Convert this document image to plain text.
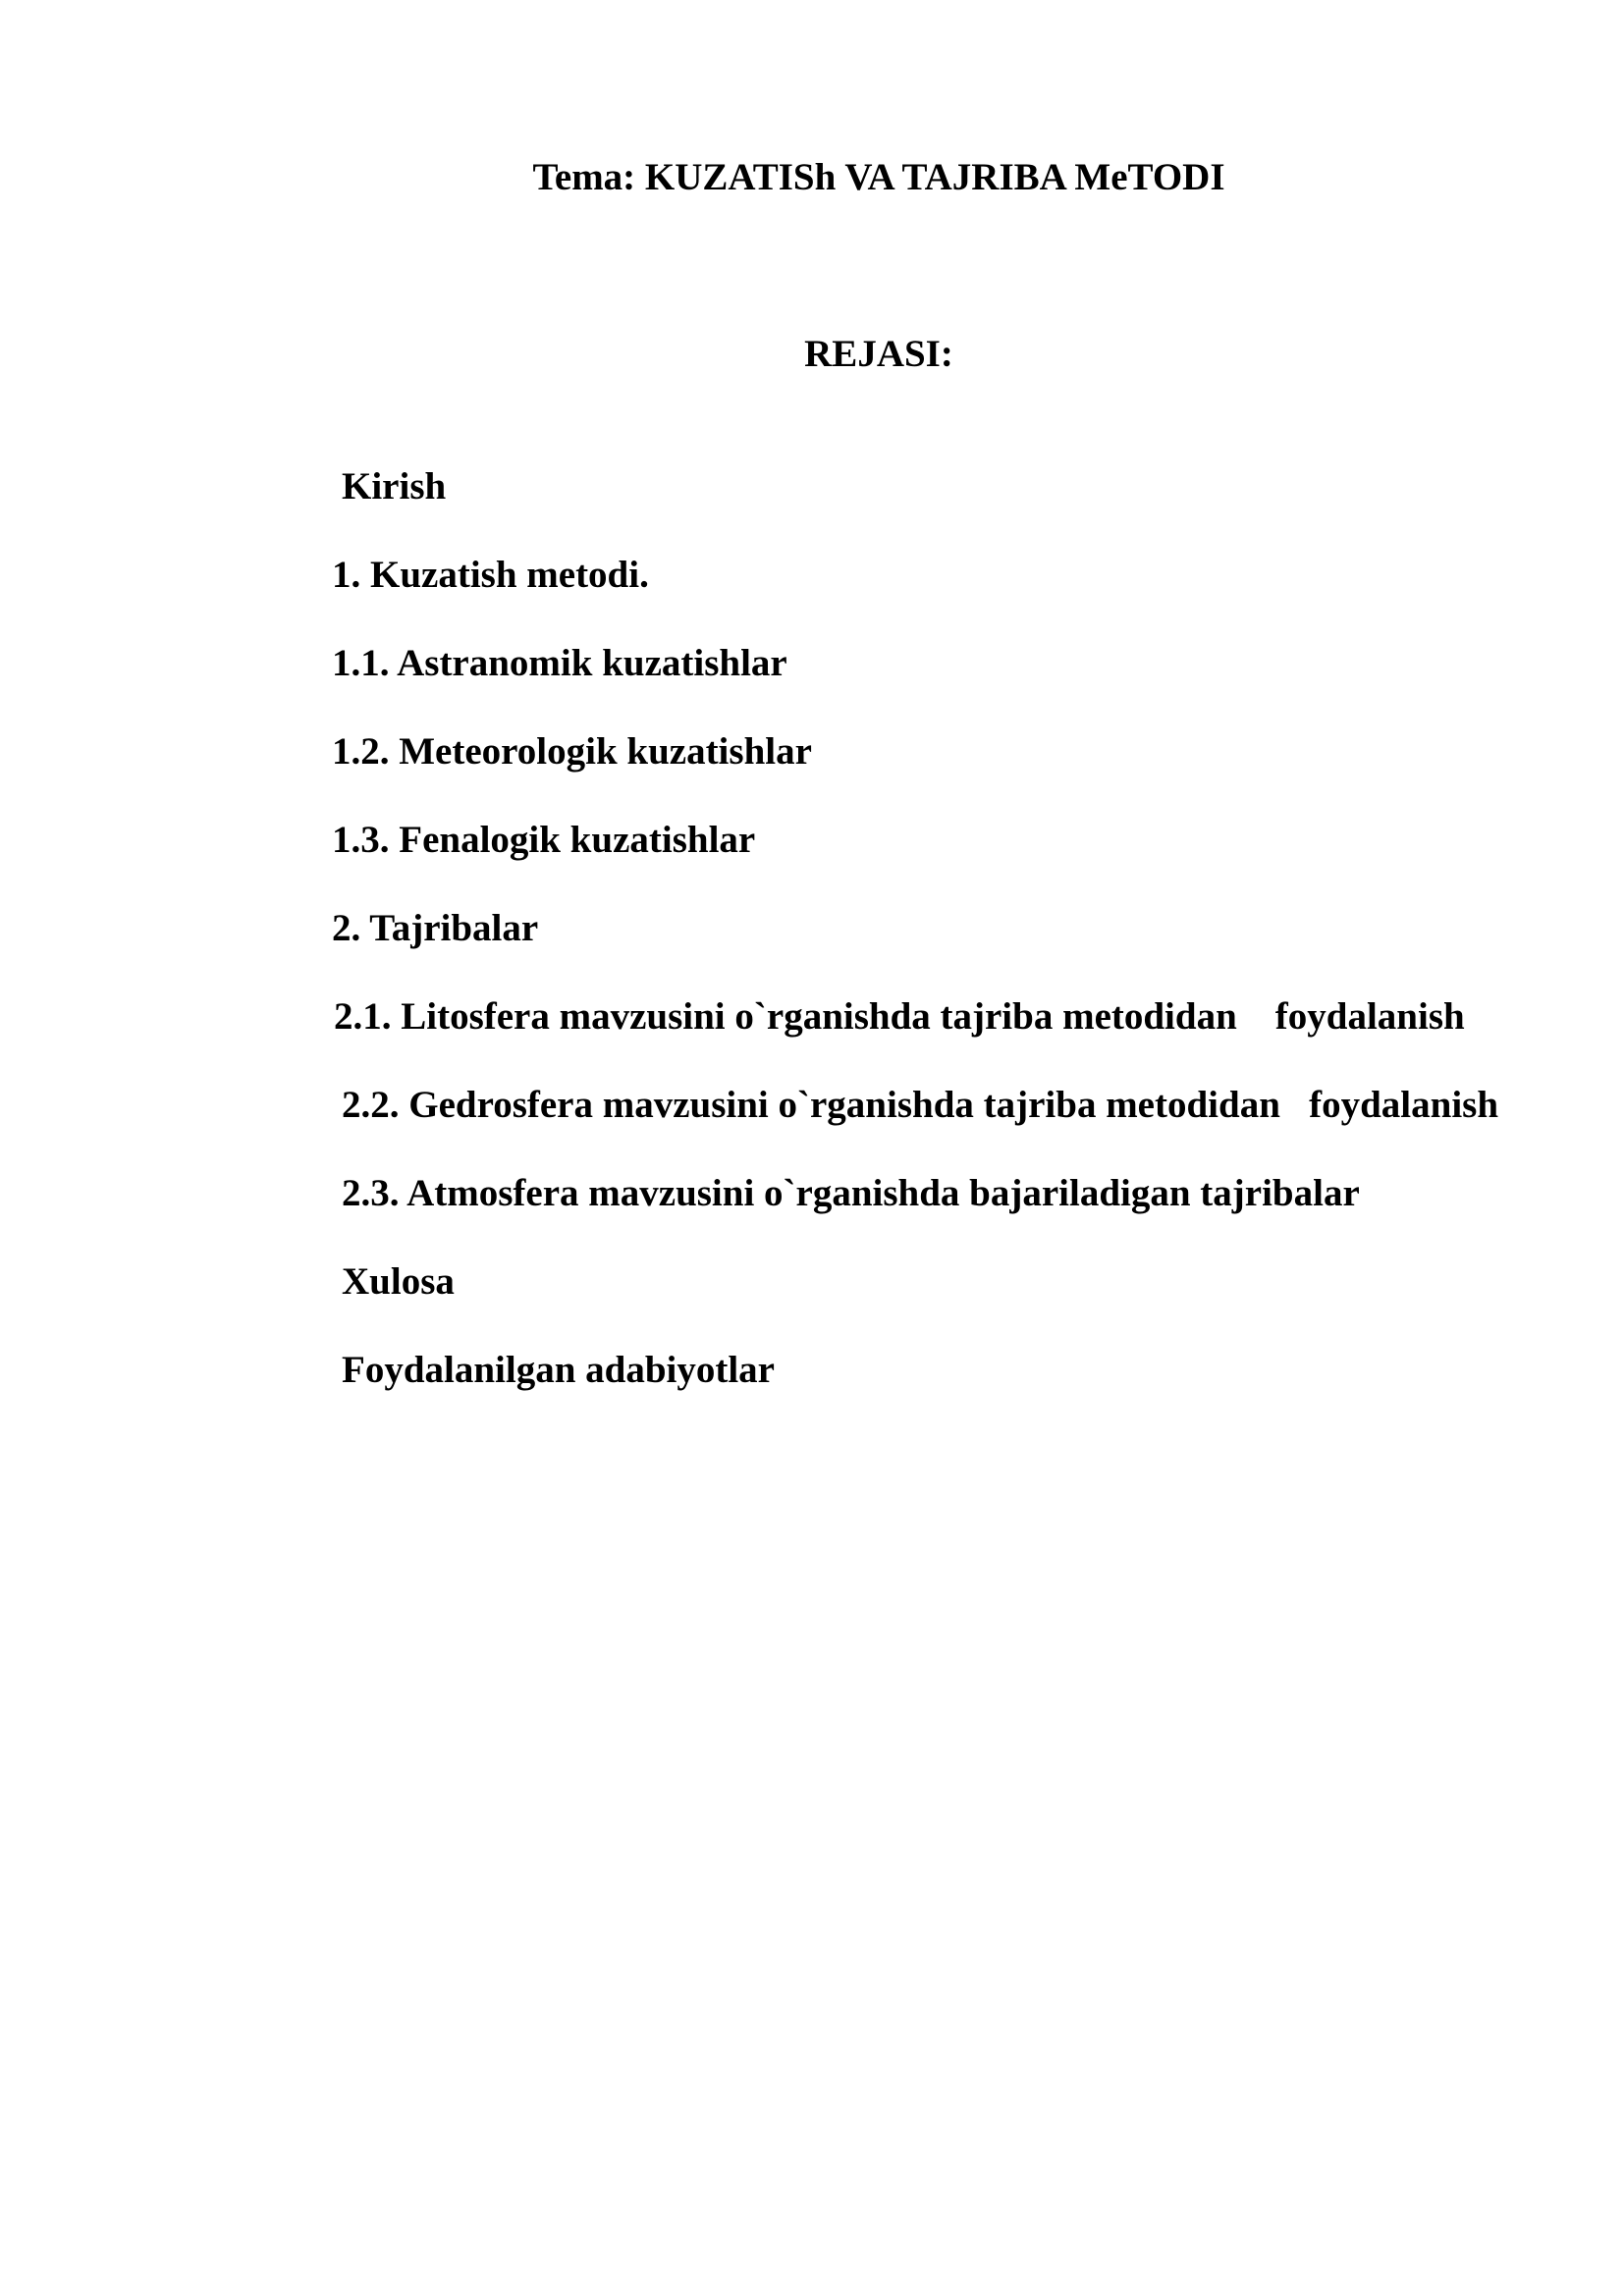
Tema: KUZATISh VA TAJRIBA MeTODI
REJASI:
Kirish
1. Kuzatish metodi.
1.1. Astranomik kuzatishlar
1.2. Meteorologik kuzatishlar
1.3. Fenalogik kuzatishlar
2. Tajribalar
2.1. Litosfera mavzusini o`rganishda tajriba metodidan    foydalanish
2.2. Gedrosfera mavzusini o`rganishda tajriba metodidan   foydalanish
2.3. Atmosfera mavzusini o`rganishda bajariladigan tajribalar
Xulosa
Foydalanilgan adabiyotlar
